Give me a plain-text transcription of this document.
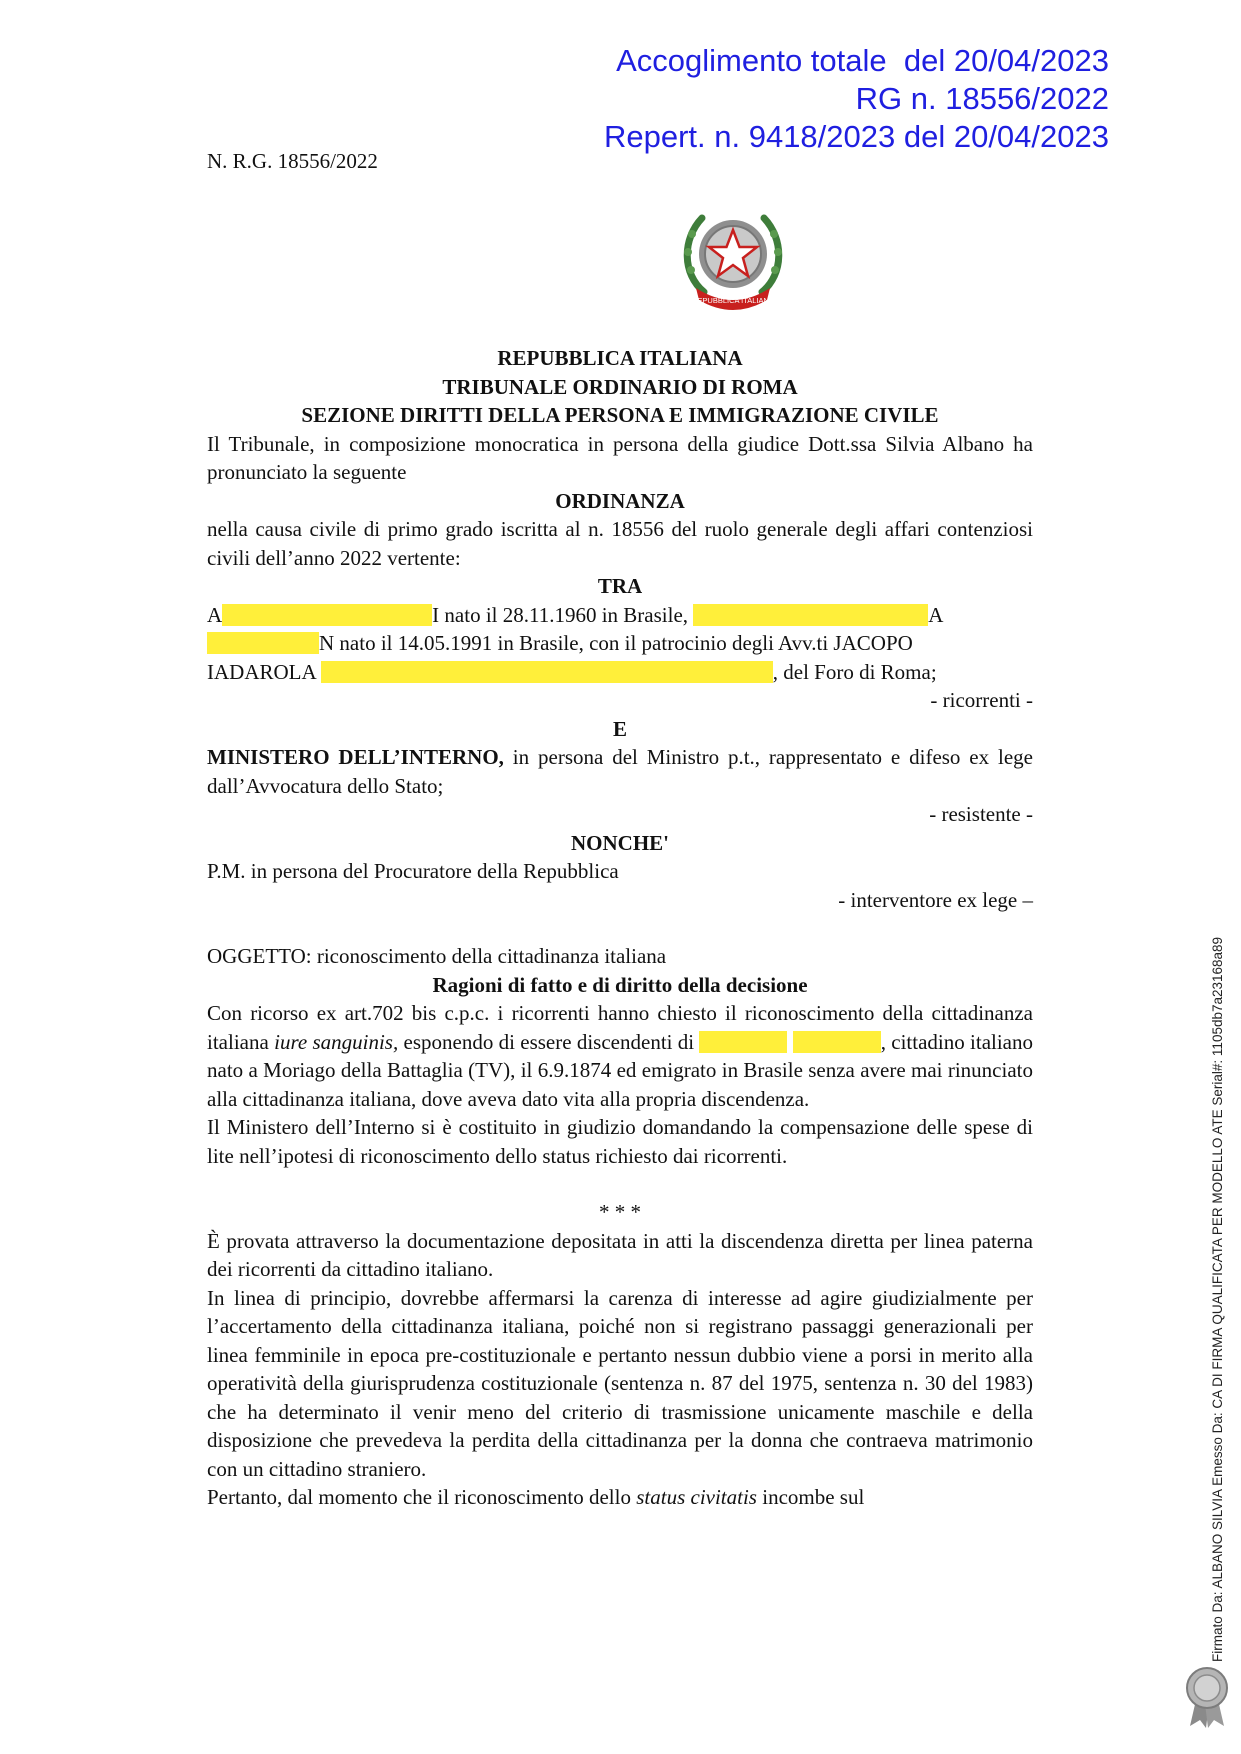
Accoglimento totale  del 20/04/2023
RG n. 18556/2022
Repert. n. 9418/2023 del 20/04/2023
N. R.G. 18556/2022
REPUBBLICA ITALIANA

REPUBBLICA ITALIANA

TRIBUNALE ORDINARIO DI ROMA

SEZIONE DIRITTI DELLA PERSONA E IMMIGRAZIONE CIVILE

Il Tribunale, in composizione monocratica in persona della giudice Dott.ssa Silvia Albano ha pronunciato la seguente

ORDINANZA

nella causa civile di primo grado iscritta al n. 18556 del ruolo generale degli affari contenziosi civili dell’anno 2022 vertente:

TRA

A	I nato il 28.11.1960 in Brasile,	A

N nato il 14.05.1991 in Brasile, con il patrocinio degli Avv.ti JACOPO

IADAROLA	, del Foro di Roma;

- ricorrenti -

E

MINISTERO DELL’INTERNO, in persona del Ministro p.t., rappresentato e difeso ex lege dall’Avvocatura dello Stato;

- resistente -

NONCHE'

P.M. in persona del Procuratore della Repubblica

- interventore ex lege –

OGGETTO: riconoscimento della cittadinanza italiana

Ragioni di fatto e di diritto della decisione

Con ricorso ex art.702 bis c.p.c. i ricorrenti hanno chiesto il riconoscimento della cittadinanza italiana iure sanguinis, esponendo di essere discendenti di	, cittadino italiano nato a Moriago della Battaglia (TV), il 6.9.1874 ed emigrato in Brasile senza avere mai rinunciato alla cittadinanza italiana, dove aveva dato vita alla propria discendenza.

Il Ministero dell’Interno si è costituito in giudizio domandando la compensazione delle spese di lite nell’ipotesi di riconoscimento dello status richiesto dai ricorrenti.

* * *

È provata attraverso la documentazione depositata in atti la discendenza diretta per linea paterna dei ricorrenti da cittadino italiano.

In linea di principio, dovrebbe affermarsi la carenza di interesse ad agire giudizialmente per l’accertamento della cittadinanza italiana, poiché non si registrano passaggi generazionali per linea femminile in epoca pre-costituzionale e pertanto nessun dubbio viene a porsi in merito alla operatività della giurisprudenza costituzionale (sentenza n. 87 del 1975, sentenza n. 30 del 1983) che ha determinato il venir meno del criterio di trasmissione unicamente maschile e della disposizione che prevedeva la perdita della cittadinanza per la donna che contraeva matrimonio con un cittadino straniero.

Pertanto, dal momento che il riconoscimento dello status civitatis incombe sul	Firmato Da: ALBANO SILVIA Emesso Da: CA DI FIRMA QUALIFICATA PER MODELLO ATE Serial#: 1105db7a23168a89
